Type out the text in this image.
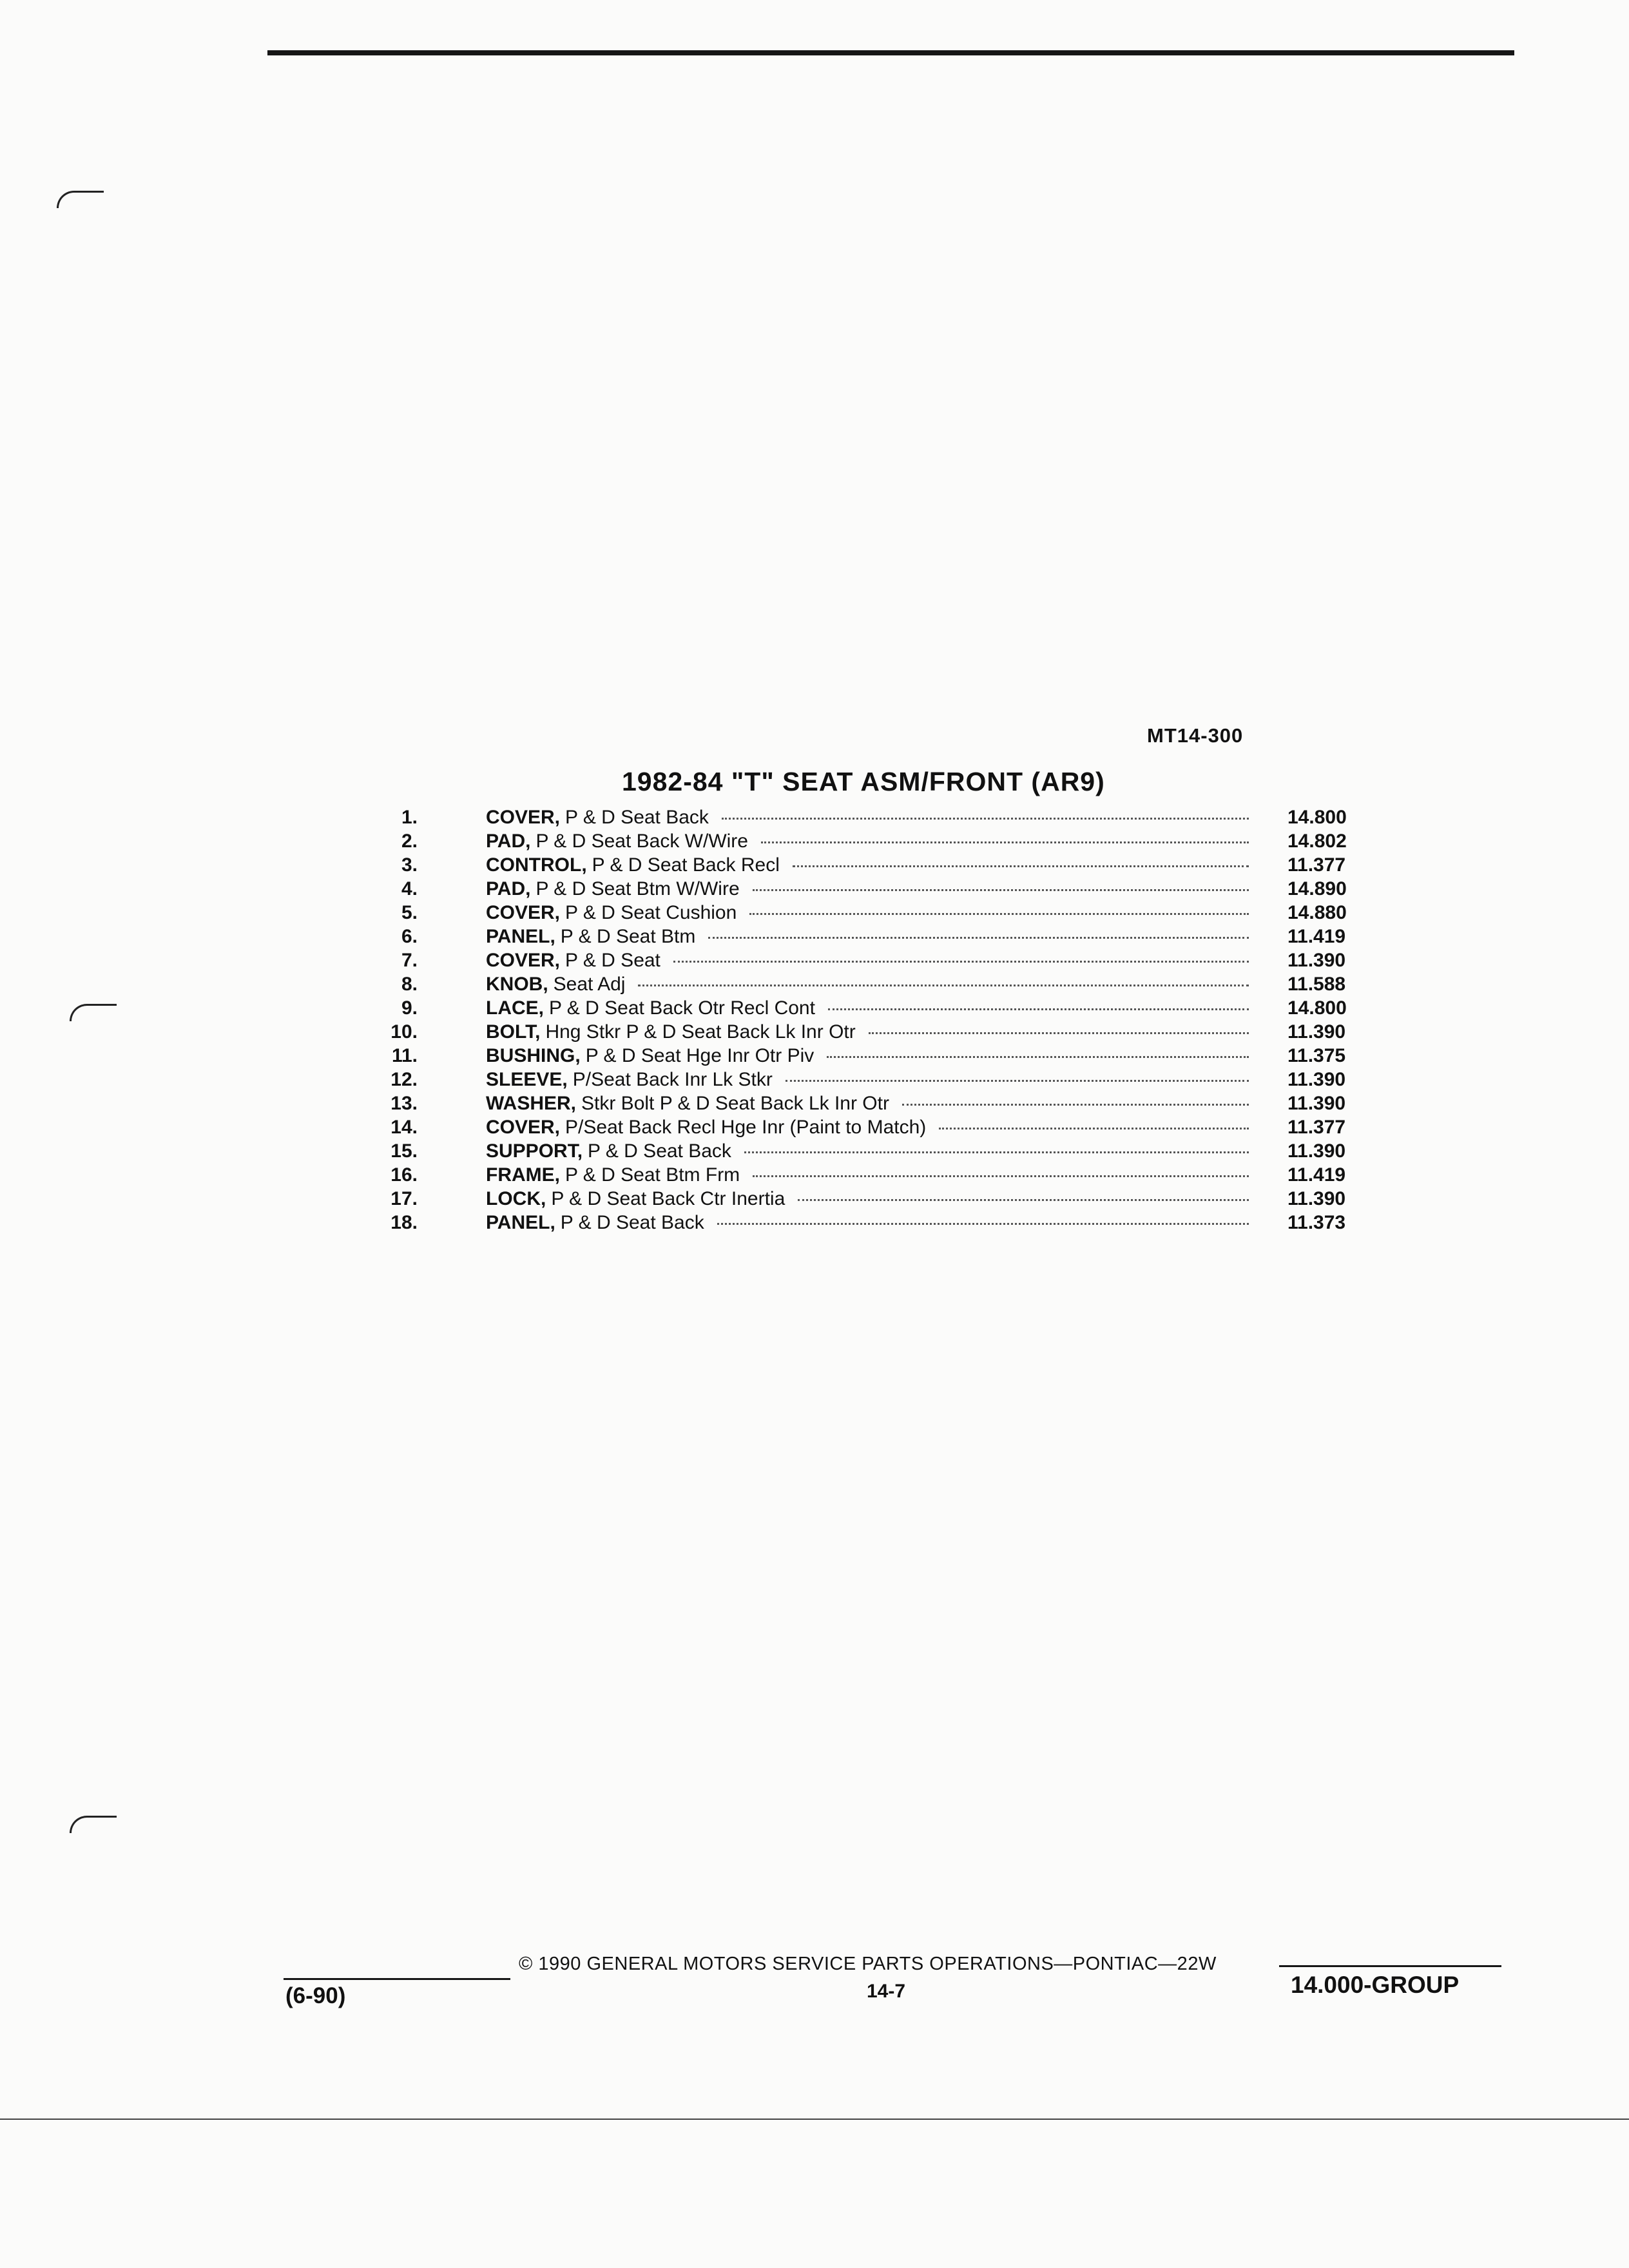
MT14-300
1982-84 "T" SEAT ASM/FRONT (AR9)
1.	COVER, P & D Seat Back	14.800
2.	PAD, P & D Seat Back W/Wire	14.802
3.	CONTROL, P & D Seat Back Recl	11.377
4.	PAD, P & D Seat Btm W/Wire	14.890
5.	COVER, P & D Seat Cushion	14.880
6.	PANEL, P & D Seat Btm	11.419
7.	COVER, P & D Seat	11.390
8.	KNOB, Seat Adj	11.588
9.	LACE, P & D Seat Back Otr Recl Cont	14.800
10.	BOLT, Hng Stkr P & D Seat Back Lk Inr Otr	11.390
11.	BUSHING, P & D Seat Hge Inr Otr Piv	11.375
12.	SLEEVE, P/Seat Back Inr Lk Stkr	11.390
13.	WASHER, Stkr Bolt P & D Seat Back Lk Inr Otr	11.390
14.	COVER, P/Seat Back Recl Hge Inr (Paint to Match)	11.377
15.	SUPPORT, P & D Seat Back	11.390
16.	FRAME, P & D Seat Btm Frm	11.419
17.	LOCK, P & D Seat Back Ctr Inertia	11.390
18.	PANEL, P & D Seat Back	11.373
(6-90)
© 1990 GENERAL MOTORS SERVICE PARTS OPERATIONS—PONTIAC—22W
14-7	14.000-GROUP
